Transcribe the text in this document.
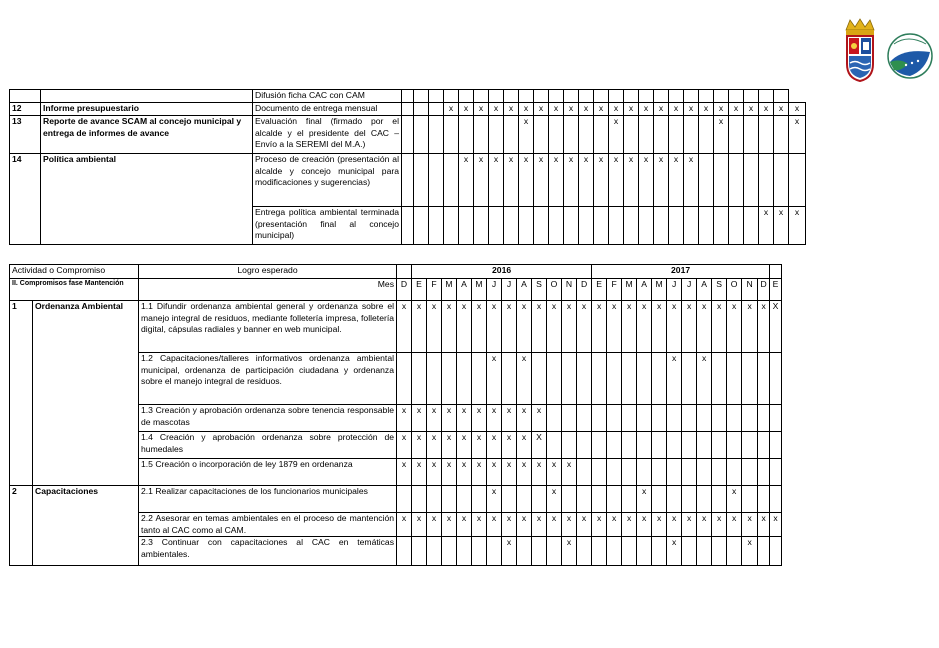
		Difusión ficha CAC con CAM																											
12	Informe presupuestario	Documento de entrega mensual				x	x	x	x	x	x	x	x	x	x	x	x	x	x	x	x	x	x	x	x	x	x	x	x
13	Reporte de avance SCAM al concejo municipal y entrega de informes de avance	Evaluación final (firmado por el alcalde y el presidente del CAC – Envío a la SEREMI del M.A.)									x						x							x					x
14	Política ambiental	Proceso de creación (presentación al alcalde y concejo municipal para modificaciones y sugerencias)					x	x	x	x	x	x	x	x	x	x	x	x	x	x	x	x							
		Entrega política ambiental terminada (presentación final al concejo municipal)																									x	x	x
Actividad o Compromiso		Logro esperado		2016												2017												
II. Compromisos fase Mantención		Mes	D	E	F	M	A	M	J	J	A	S	O	N	D	E	F	M	A	M	J	J	A	S	O	N	D	E
1	Ordenanza Ambiental	1.1 Difundir ordenanza ambiental general y ordenanza sobre el manejo integral de residuos, mediante folletería impresa, folletería digital, cápsulas radiales y banner en web municipal.	x	x	x	x	x	x	x	x	x	x	x	x	x	x	x	x	x	x	x	x	x	x	x	x	x	X
		1.2 Capacitaciones/talleres informativos ordenanza ambiental municipal, ordenanza de participación ciudadana y ordenanza sobre el manejo integral de residuos.							x		x										x		x					
		1.3 Creación y aprobación ordenanza sobre tenencia responsable de mascotas	x	x	x	x	x	x	x	x	x	x																
		1.4 Creación y aprobación ordenanza sobre protección de humedales	x	x	x	x	x	x	x	x	x	X																
		1.5 Creación o incorporación de ley 1879 en ordenanza	x	x	x	x	x	x	x	x	x	x	x	x														
2	Capacitaciones	2.1 Realizar capacitaciones de los funcionarios municipales							x				x						x						x			
		2.2 Asesorar en temas ambientales en el proceso de mantención tanto al CAC como al CAM.	x	x	x	x	x	x	x	x	x	x	x	x	x	x	x	x	x	x	x	x	x	x	x	x	x	x
		2.3 Continuar con capacitaciones al CAC en temáticas ambientales.								x				x							x					x		
